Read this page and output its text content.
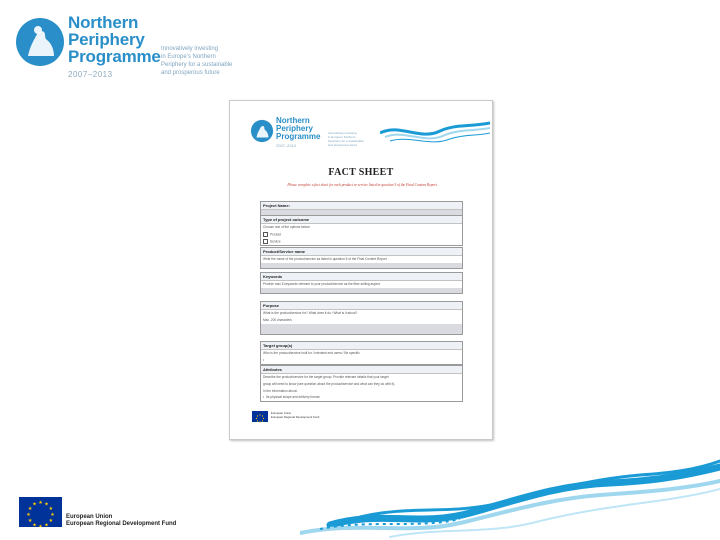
Northern
Periphery
Programme
2007–2013
Innovatively investing
in Europe's Northern
Periphery for a sustainable
and prosperous future
Northern
Periphery
Programme
2007–2013
Innovatively investing
in Europe's Northern
Periphery for a sustainable
and prosperous future
FACT SHEET
Please complete a fact sheet for each product or service listed in question 5 of the Final Content Report.
Project Name:
Type of project outcome
Choose one of the options below:
Product
Service
Product/Service name
Write the name of the product/service as listed in question 5 of the Final Content Report
Keywords
Provide max 5 keywords relevant to your product/service as the fiber selling aspect
Purpose
What is the product/service for? What does it do / What is it about?
Max. 200 characters
Target group(s)
Who is the product/service built for / intended end users / Be specific
•
Attributes
Describe the product/service for the target group. Provide relevant details that your target
group will need to know (see question about the product/service and what can they do with it).
In the information about:
• Its physical shape and delivery format
European Union
European Regional Development Fund
★ ★
★
★
★
★
★
★
★
★
★
★
European Union
European Regional Development Fund
